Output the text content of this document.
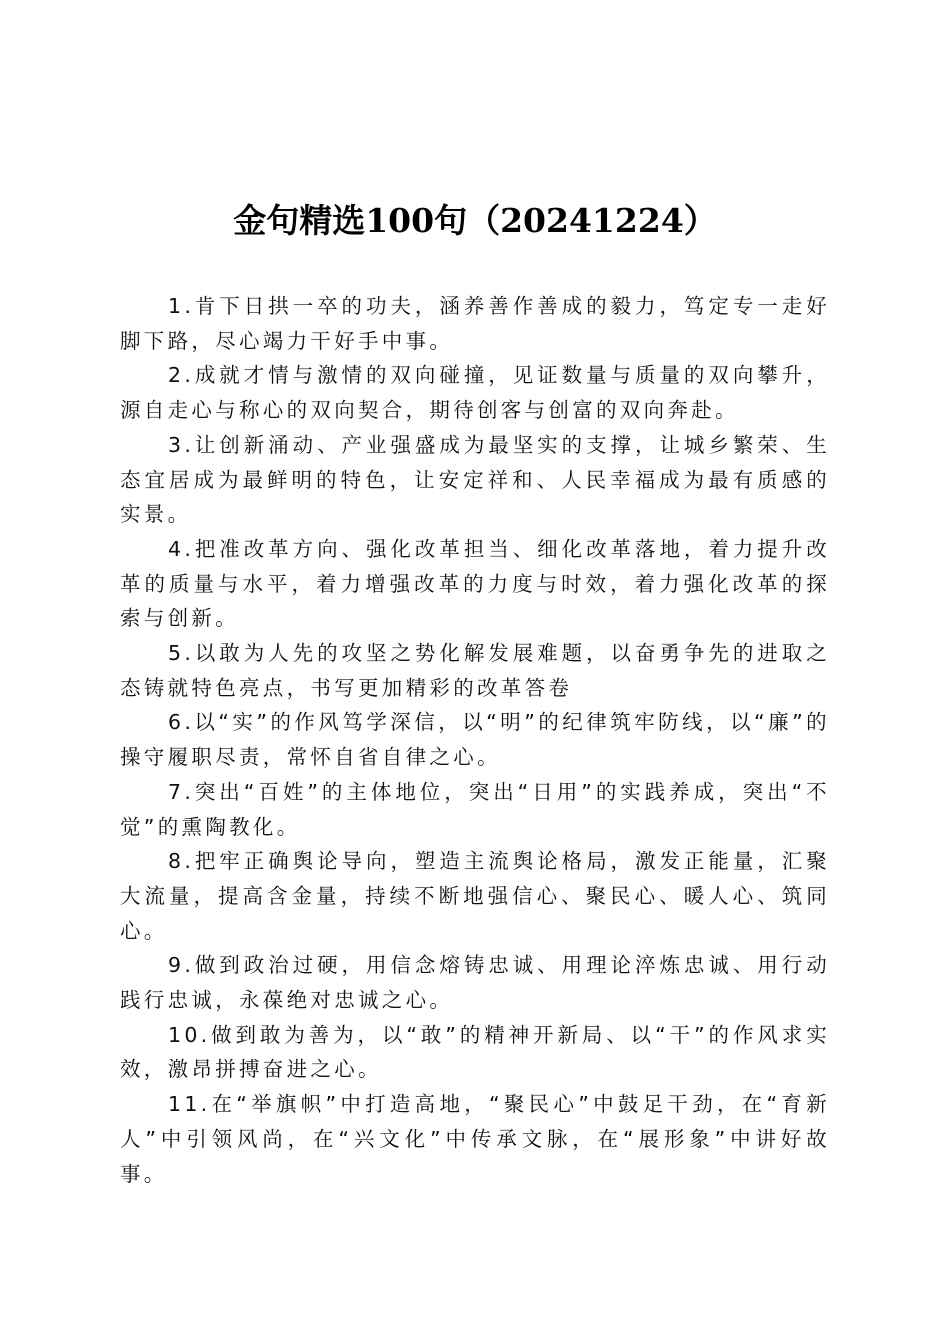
金句精选100句（20241224）

1.肯下日拱一卒的功夫，涵养善作善成的毅力，笃定专一走好脚下路，尽心竭力干好手中事。

2.成就才情与激情的双向碰撞，见证数量与质量的双向攀升，源自走心与称心的双向契合，期待创客与创富的双向奔赴。

3.让创新涌动、产业强盛成为最坚实的支撑，让城乡繁荣、生态宜居成为最鲜明的特色，让安定祥和、人民幸福成为最有质感的实景。

4.把准改革方向、强化改革担当、细化改革落地，着力提升改革的质量与水平，着力增强改革的力度与时效，着力强化改革的探索与创新。

5.以敢为人先的攻坚之势化解发展难题，以奋勇争先的进取之态铸就特色亮点，书写更加精彩的改革答卷

6.以“实”的作风笃学深信，以“明”的纪律筑牢防线，以“廉”的操守履职尽责，常怀自省自律之心。

7.突出“百姓”的主体地位，突出“日用”的实践养成，突出“不觉”的熏陶教化。

8.把牢正确舆论导向，塑造主流舆论格局，激发正能量，汇聚大流量，提高含金量，持续不断地强信心、聚民心、暖人心、筑同心。

9.做到政治过硬，用信念熔铸忠诚、用理论淬炼忠诚、用行动践行忠诚，永葆绝对忠诚之心。

10.做到敢为善为，以“敢”的精神开新局、以“干”的作风求实效，激昂拼搏奋进之心。

11.在“举旗帜”中打造高地，“聚民心”中鼓足干劲，在“育新人”中引领风尚，在“兴文化”中传承文脉，在“展形象”中讲好故事。
